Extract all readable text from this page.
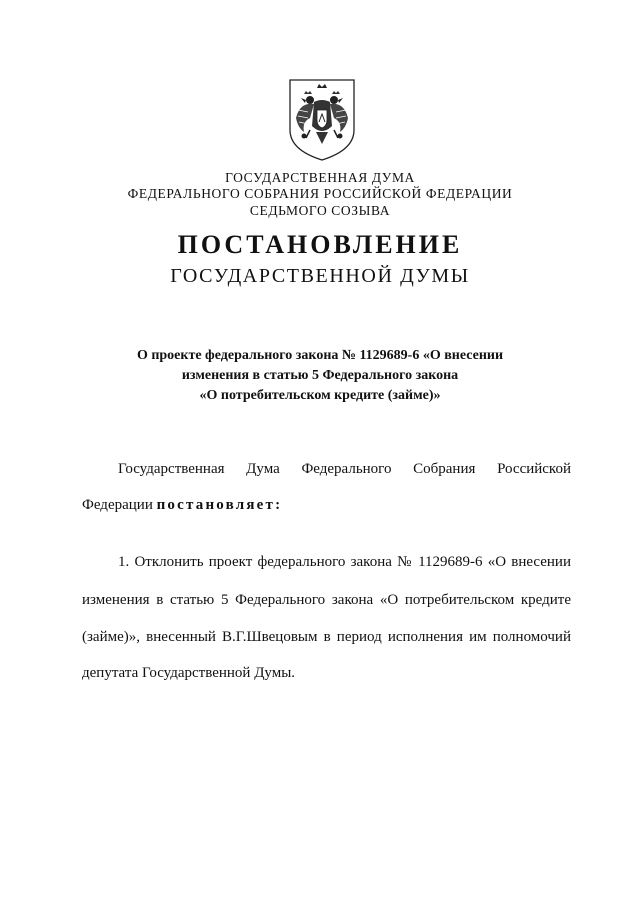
ГОСУДАРСТВЕННАЯ ДУМА
ФЕДЕРАЛЬНОГО СОБРАНИЯ РОССИЙСКОЙ ФЕДЕРАЦИИ
СЕДЬМОГО СОЗЫВА
ПОСТАНОВЛЕНИЕ
ГОСУДАРСТВЕННОЙ ДУМЫ
О проекте федерального закона № 1129689-6 «О внесении
изменения в статью 5 Федерального закона
«О потребительском кредите (займе)»
Государственная Дума Федерального Собрания Российской
Федерации постановляет:
1. Отклонить проект федерального закона № 1129689-6 «О внесении
изменения в статью 5 Федерального закона «О потребительском кредите
(займе)», внесенный В.Г.Швецовым в период исполнения им полномочий
депутата Государственной Думы.
